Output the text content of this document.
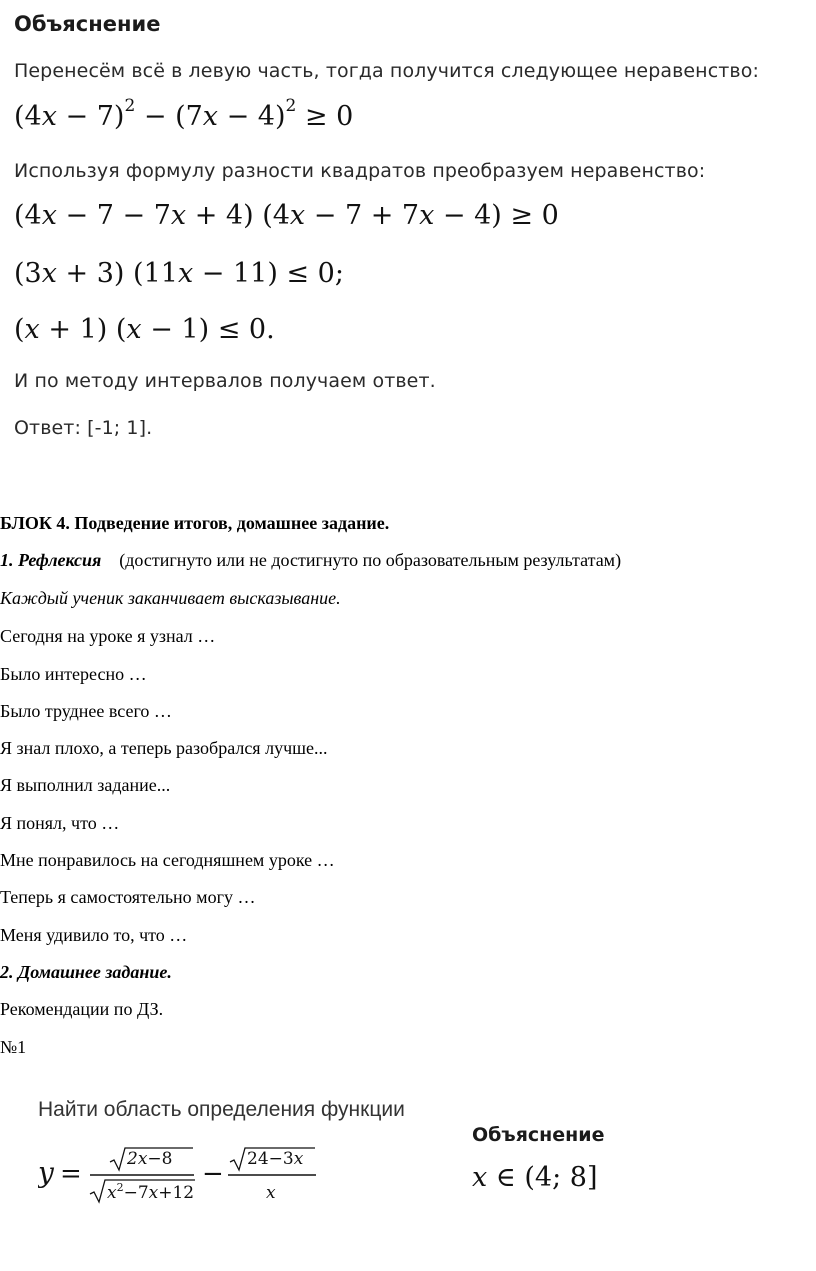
Объяснение
Перенесём всё в левую часть, тогда получится следующее неравенство:
$(4x - 7)^2 - (7x - 4)^2 \ge 0$
Используя формулу разности квадратов преобразуем неравенство:
(4x − 7 − 7x + 4) (4x − 7 + 7x − 4) ≥ 0
(3x + 3) (11x − 11) ≤ 0;
(x + 1) (x − 1) ≤ 0.
И по методу интервалов получаем ответ.
Ответ: [-1; 1].
БЛОК 4. Подведение итогов, домашнее задание.
1. Рефлексия (достигнуто или не достигнуто по образовательным результатам)
Каждый ученик заканчивает высказывание.
Сегодня на уроке я узнал …
Было интересно …
Было труднее всего …
Я знал плохо, а теперь разобрался лучше...
Я выполнил задание...
Я понял, что …
Мне понравилось на сегодняшнем уроке …
Теперь я самостоятельно могу …
Меня удивило то, что …
2. Домашнее задание.
Рекомендации по ДЗ.
№1
Найти область определения функции
y =	2x−8
$x^2-7x+12$
− 24−3x
x
Объяснение
x ∈ (4; 8]
